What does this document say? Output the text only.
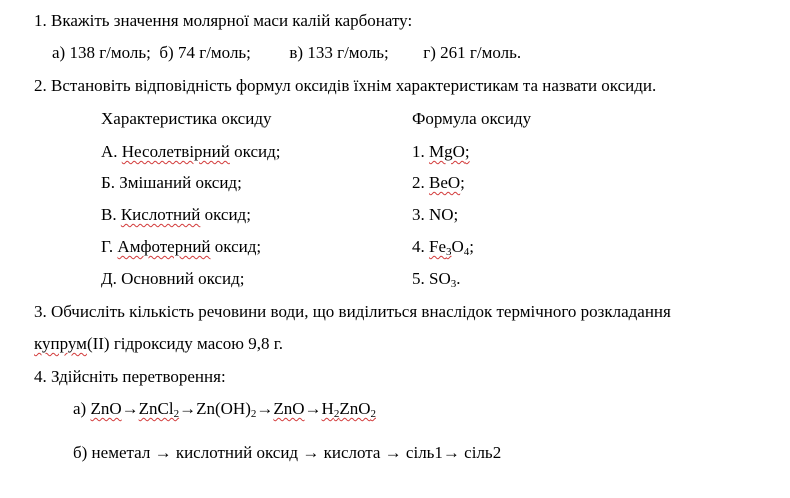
1. Вкажіть значення молярної маси калій карбонату:
а) 138 г/моль; б) 74 г/моль; в) 133 г/моль; г) 261 г/моль.
2. Встановіть відповідність формул оксидів їхнім характеристикам та назвати оксиди.
Характеристика оксиду	Формула оксиду
А. Несолетвірний оксид;	1. MgO;
Б. Змішаний оксид;	2. BeO;
В. Кислотний оксид;	3. NO;
Г. Амфотерний оксид;	4. $Fe_3O_4$;
Д. Основний оксид;	5. $SO_3$.
3. Обчисліть кількість речовини води, що виділиться внаслідок термічного розкладання
купрум(II) гідроксиду масою 9,8 г.
4. Здійсніть перетворення:
а) $ZnO\to ZnCl_2\to Zn(OH)_2\to ZnO\to H_2ZnO_2$
б) неметал → кислотний оксид → кислота → сіль1→ сіль2
